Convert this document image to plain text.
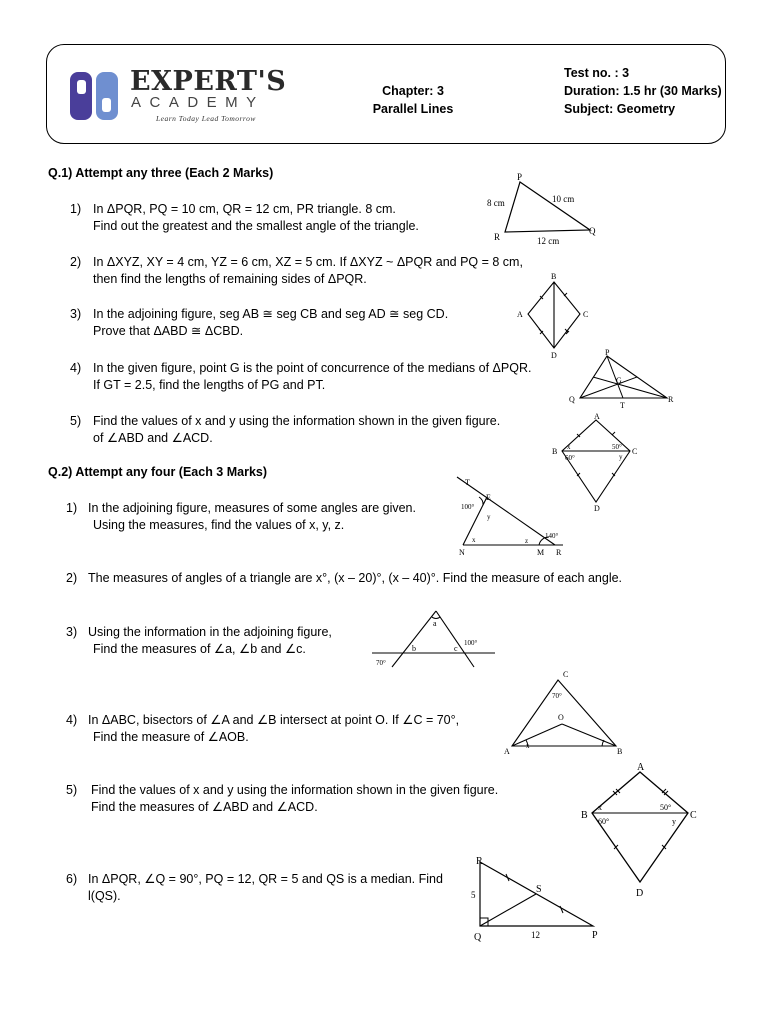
EXPERT'S
ACADEMY
Learn Today Lead Tomorrow
Chapter: 3
Parallel Lines
Test no. : 3
Duration: 1.5 hr (30 Marks)
Subject: Geometry
Q.1) Attempt any three (Each 2 Marks)
1) In ΔPQR, PQ = 10 cm, QR = 12 cm, PR triangle. 8 cm.
Find out the greatest and the smallest angle of the triangle.
2) In ΔXYZ, XY = 4 cm, YZ = 6 cm, XZ = 5 cm. If ΔXYZ ~ ΔPQR and PQ = 8 cm,
then find the lengths of remaining sides of ΔPQR.
3) In the adjoining figure, seg AB ≅ seg CB and seg AD ≅ seg CD.
Prove that ΔABD ≅ ΔCBD.
4) In the given figure, point G is the point of concurrence of the medians of ΔPQR.
If GT = 2.5, find the lengths of PG and PT.
5) Find the values of x and y using the information shown in the given figure.
of ∠ABD and ∠ACD.
Q.2) Attempt any four (Each 3 Marks)
1) In the adjoining figure, measures of some angles are given.
Using the measures, find the values of x, y, z.
2) The measures of angles of a triangle are x°, (x – 20)°, (x – 40)°. Find the measure of each angle.
3) Using the information in the adjoining figure,
Find the measures of ∠a, ∠b and ∠c.
4) In ΔABC, bisectors of ∠A and ∠B intersect at point O. If ∠C = 70°,
Find the measure of ∠AOB.
5) Find the values of x and y using the information shown in the given figure.
Find the measures of ∠ABD and ∠ACD.
6) In ΔPQR, ∠Q = 90°, PQ = 12, QR = 5 and QS is a median. Find
l(QS).
P
Q
R
8 cm	10 cm
12 cm
B
C
D
A
P
Q	R
G
T
A
B	C
D
x
60°
50°
y
T
E
N	M R
x
y
z
100°
140°
a
b	c
70°
100°
C
70°
O
A	B
x
A
B	C
D
x
60°
50°
y
R
S
Q	P
5
12
